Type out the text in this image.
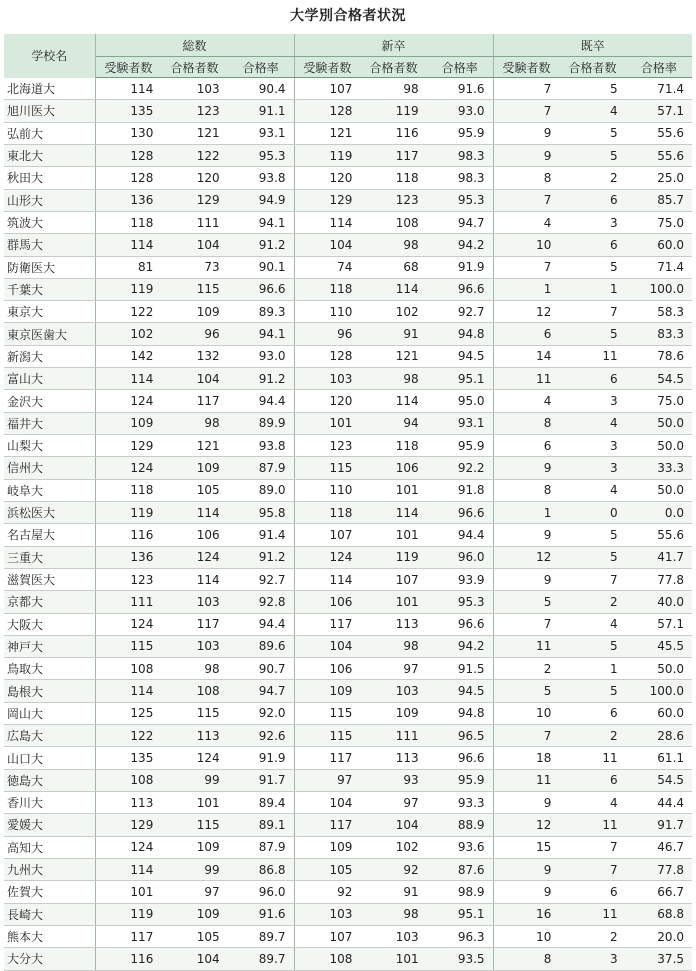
大学別合格者状況
学校名	総数			新卒			既卒		
	受験者数	合格者数	合格率	受験者数	合格者数	合格率	受験者数	合格者数	合格率
北海道大	114	103	90.4	107	98	91.6	7	5	71.4
旭川医大	135	123	91.1	128	119	93.0	7	4	57.1
弘前大	130	121	93.1	121	116	95.9	9	5	55.6
東北大	128	122	95.3	119	117	98.3	9	5	55.6
秋田大	128	120	93.8	120	118	98.3	8	2	25.0
山形大	136	129	94.9	129	123	95.3	7	6	85.7
筑波大	118	111	94.1	114	108	94.7	4	3	75.0
群馬大	114	104	91.2	104	98	94.2	10	6	60.0
防衛医大	81	73	90.1	74	68	91.9	7	5	71.4
千葉大	119	115	96.6	118	114	96.6	1	1	100.0
東京大	122	109	89.3	110	102	92.7	12	7	58.3
東京医歯大	102	96	94.1	96	91	94.8	6	5	83.3
新潟大	142	132	93.0	128	121	94.5	14	11	78.6
富山大	114	104	91.2	103	98	95.1	11	6	54.5
金沢大	124	117	94.4	120	114	95.0	4	3	75.0
福井大	109	98	89.9	101	94	93.1	8	4	50.0
山梨大	129	121	93.8	123	118	95.9	6	3	50.0
信州大	124	109	87.9	115	106	92.2	9	3	33.3
岐阜大	118	105	89.0	110	101	91.8	8	4	50.0
浜松医大	119	114	95.8	118	114	96.6	1	0	0.0
名古屋大	116	106	91.4	107	101	94.4	9	5	55.6
三重大	136	124	91.2	124	119	96.0	12	5	41.7
滋賀医大	123	114	92.7	114	107	93.9	9	7	77.8
京都大	111	103	92.8	106	101	95.3	5	2	40.0
大阪大	124	117	94.4	117	113	96.6	7	4	57.1
神戸大	115	103	89.6	104	98	94.2	11	5	45.5
鳥取大	108	98	90.7	106	97	91.5	2	1	50.0
島根大	114	108	94.7	109	103	94.5	5	5	100.0
岡山大	125	115	92.0	115	109	94.8	10	6	60.0
広島大	122	113	92.6	115	111	96.5	7	2	28.6
山口大	135	124	91.9	117	113	96.6	18	11	61.1
徳島大	108	99	91.7	97	93	95.9	11	6	54.5
香川大	113	101	89.4	104	97	93.3	9	4	44.4
愛媛大	129	115	89.1	117	104	88.9	12	11	91.7
高知大	124	109	87.9	109	102	93.6	15	7	46.7
九州大	114	99	86.8	105	92	87.6	9	7	77.8
佐賀大	101	97	96.0	92	91	98.9	9	6	66.7
長崎大	119	109	91.6	103	98	95.1	16	11	68.8
熊本大	117	105	89.7	107	103	96.3	10	2	20.0
大分大	116	104	89.7	108	101	93.5	8	3	37.5
